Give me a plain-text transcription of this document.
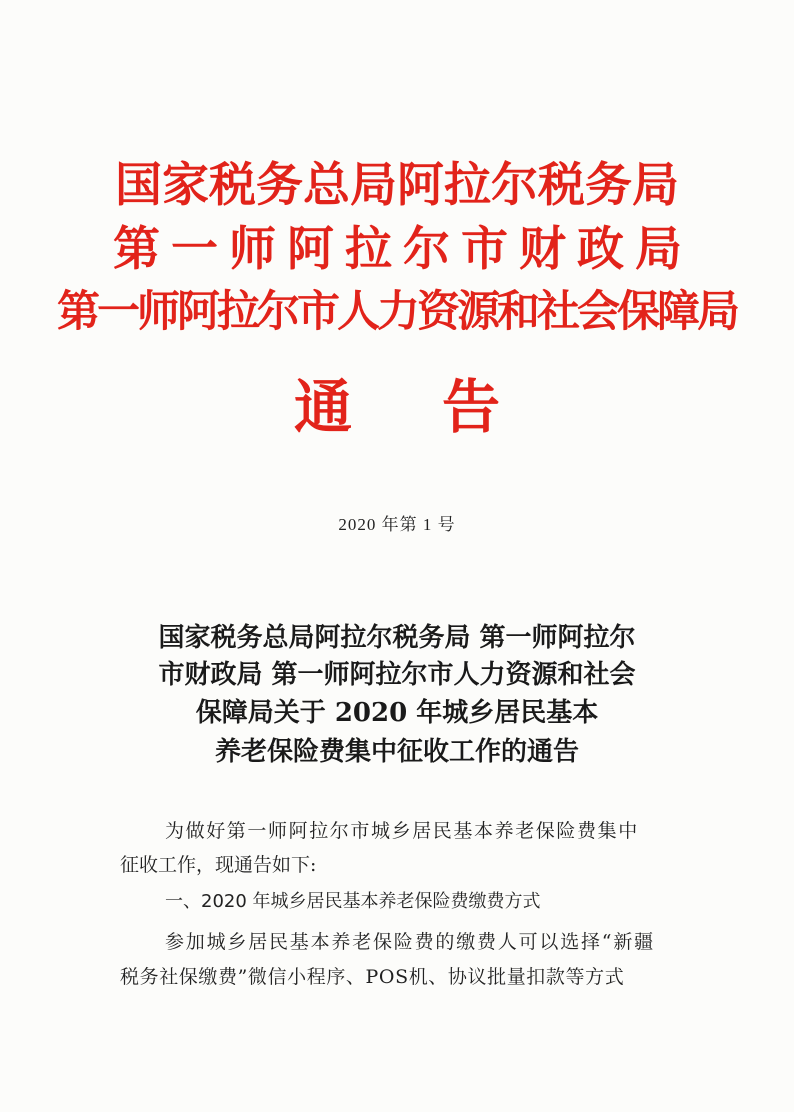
国家税务总局阿拉尔税务局
第一师阿拉尔市财政局
第一师阿拉尔市人力资源和社会保障局
通告
2020 年第 1 号
国家税务总局阿拉尔税务局 第一师阿拉尔
市财政局 第一师阿拉尔市人力资源和社会
保障局关于 2020 年城乡居民基本
养老保险费集中征收工作的通告
为做好第一师阿拉尔市城乡居民基本养老保险费集中
征收工作，现通告如下:
一、2020 年城乡居民基本养老保险费缴费方式
参加城乡居民基本养老保险费的缴费人可以选择“新疆
税务社保缴费”微信小程序、POS机、协议批量扣款等方式
